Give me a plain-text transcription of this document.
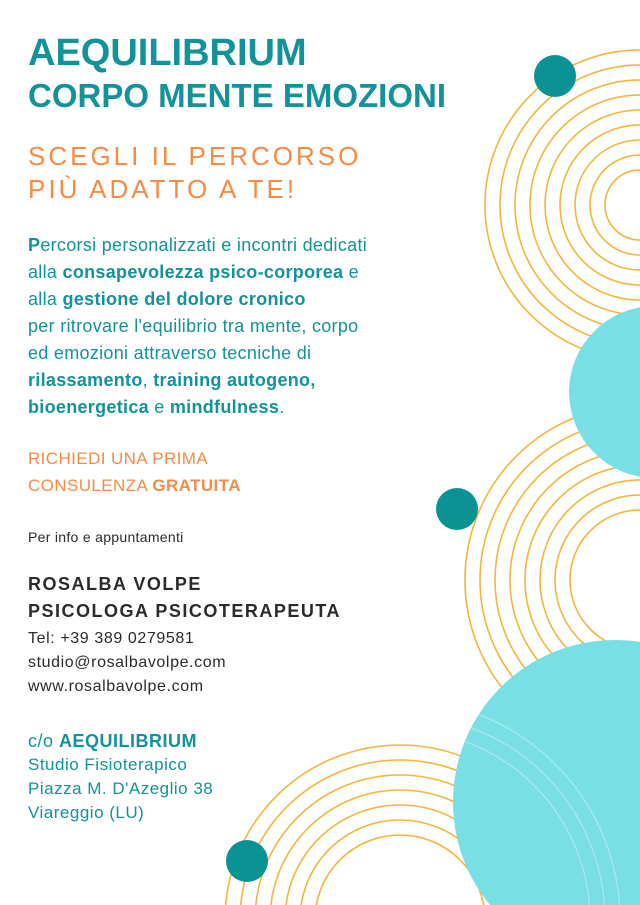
AEQUILIBRIUM
CORPO MENTE EMOZIONI
SCEGLI IL PERCORSO
PIÙ ADATTO A TE!
Percorsi personalizzati e incontri dedicati
alla consapevolezza psico-corporea e
alla gestione del dolore cronico
per ritrovare l'equilibrio tra mente, corpo
ed emozioni attraverso tecniche di
rilassamento, training autogeno,
bioenergetica e mindfulness.
RICHIEDI UNA PRIMA
CONSULENZA GRATUITA
Per info e appuntamenti
ROSALBA VOLPE
PSICOLOGA PSICOTERAPEUTA
Tel: +39 389 0279581
studio@rosalbavolpe.com
www.rosalbavolpe.com
c/o AEQUILIBRIUM
Studio Fisioterapico
Piazza M. D'Azeglio 38
Viareggio (LU)
